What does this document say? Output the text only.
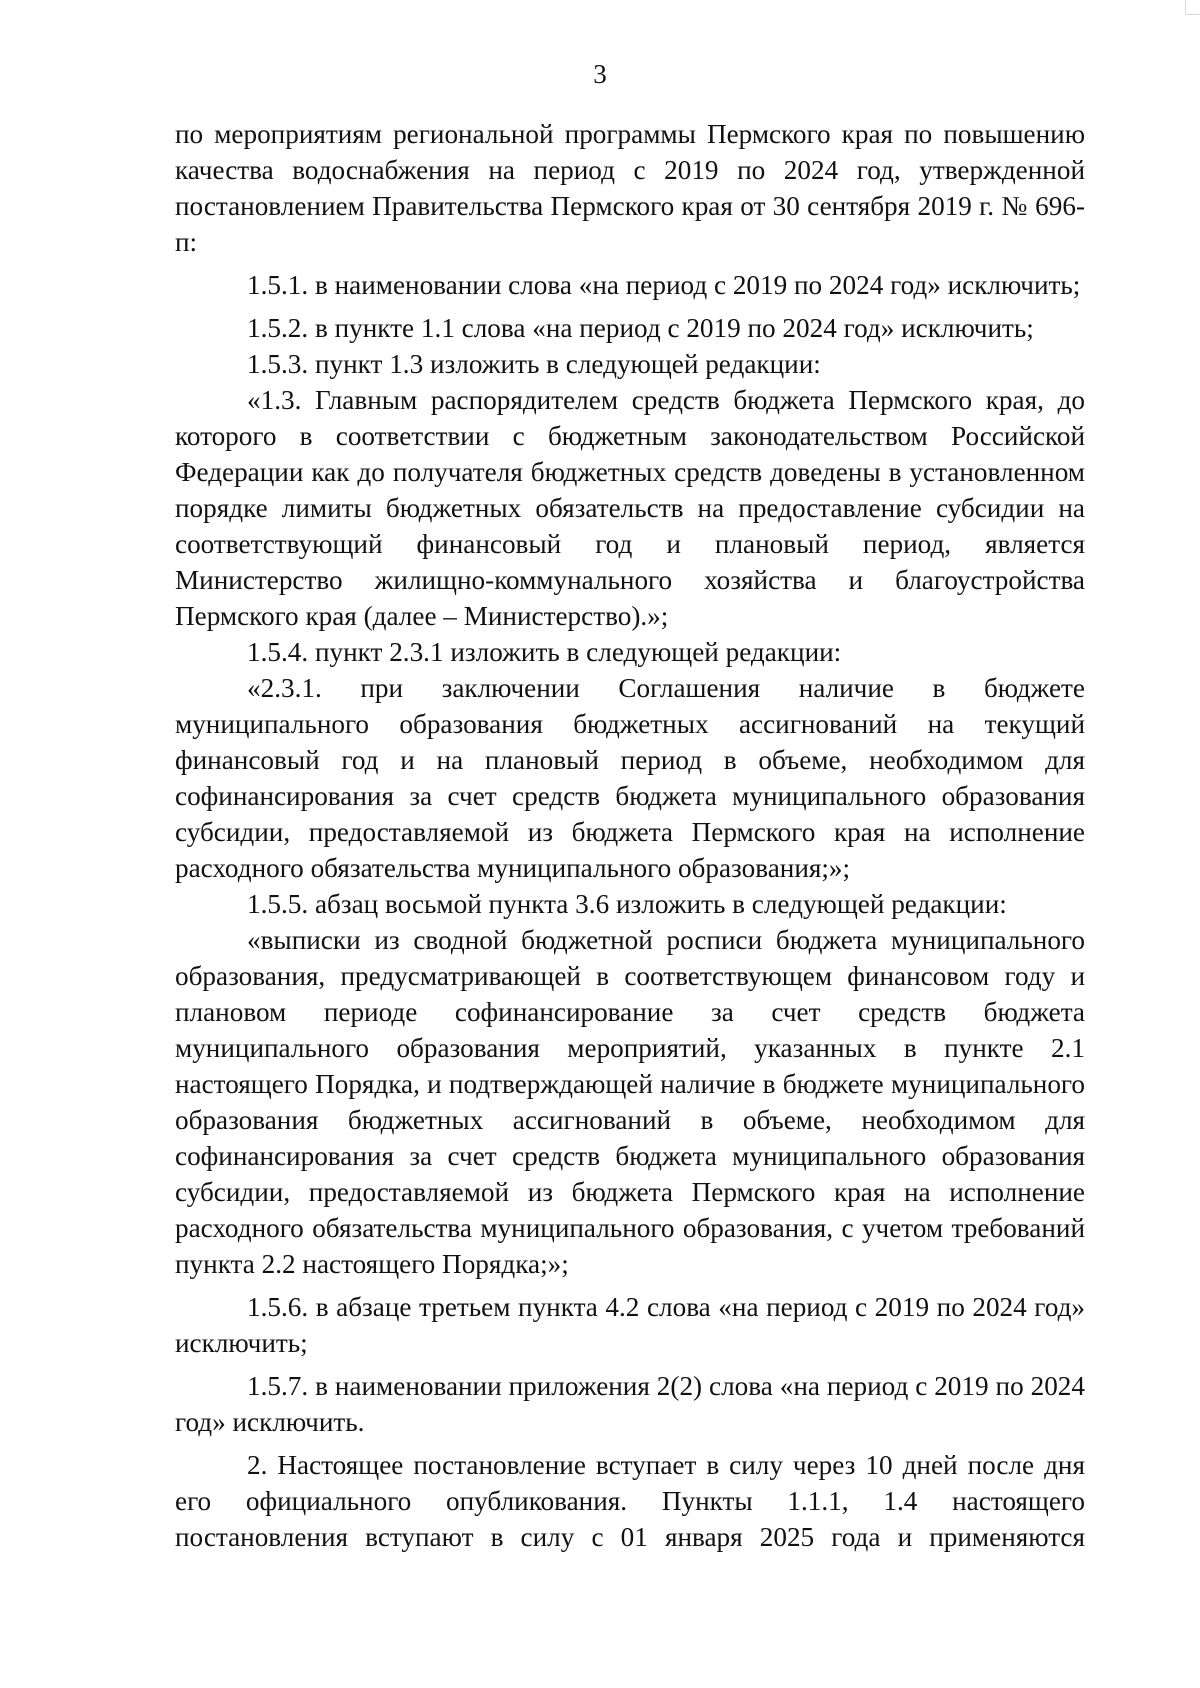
3

по мероприятиям региональной программы Пермского края по повышению качества водоснабжения на период с 2019 по 2024 год, утвержденной постановлением Правительства Пермского края от 30 сентября 2019 г. № 696-п:

1.5.1. в наименовании слова «на период с 2019 по 2024 год» исключить;

1.5.2. в пункте 1.1 слова «на период с 2019 по 2024 год» исключить;

1.5.3. пункт 1.3 изложить в следующей редакции:

«1.3. Главным распорядителем средств бюджета Пермского края, до которого в соответствии с бюджетным законодательством Российской Федерации как до получателя бюджетных средств доведены в установленном порядке лимиты бюджетных обязательств на предоставление субсидии на соответствующий финансовый год и плановый период, является Министерство жилищно-коммунального хозяйства и благоустройства Пермского края (далее – Министерство).»;

1.5.4. пункт 2.3.1 изложить в следующей редакции:

«2.3.1. при заключении Соглашения наличие в бюджете муниципального образования бюджетных ассигнований на текущий финансовый год и на плановый период в объеме, необходимом для софинансирования за счет средств бюджета муниципального образования субсидии, предоставляемой из бюджета Пермского края на исполнение расходного обязательства муниципального образования;»;

1.5.5. абзац восьмой пункта 3.6 изложить в следующей редакции:

«выписки из сводной бюджетной росписи бюджета муниципального образования, предусматривающей в соответствующем финансовом году и плановом периоде софинансирование за счет средств бюджета муниципального образования мероприятий, указанных в пункте 2.1 настоящего Порядка, и подтверждающей наличие в бюджете муниципального образования бюджетных ассигнований в объеме, необходимом для софинансирования за счет средств бюджета муниципального образования субсидии, предоставляемой из бюджета Пермского края на исполнение расходного обязательства муниципального образования, с учетом требований пункта 2.2 настоящего Порядка;»;

1.5.6. в абзаце третьем пункта 4.2 слова «на период с 2019 по 2024 год» исключить;

1.5.7. в наименовании приложения 2(2) слова «на период с 2019 по 2024 год» исключить.

2. Настоящее постановление вступает в силу через 10 дней после дня его официального опубликования. Пункты 1.1.1, 1.4 настоящего постановления вступают в силу с 01 января 2025 года и применяются
